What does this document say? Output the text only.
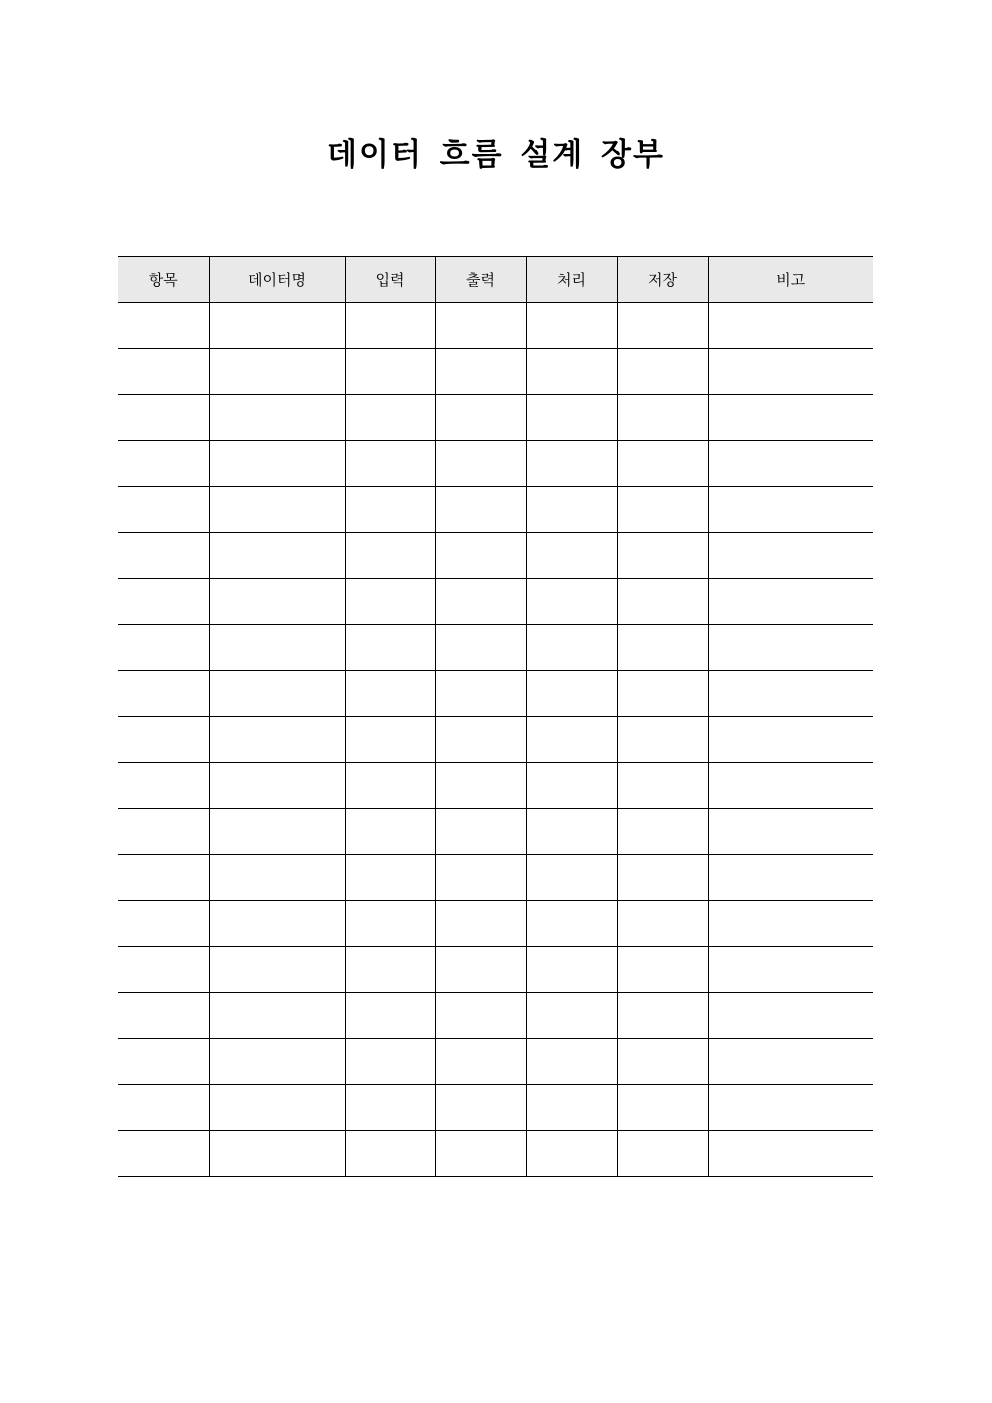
데이터 흐름 설계 장부
항목	데이터명	입력	출력	처리	저장	비고
